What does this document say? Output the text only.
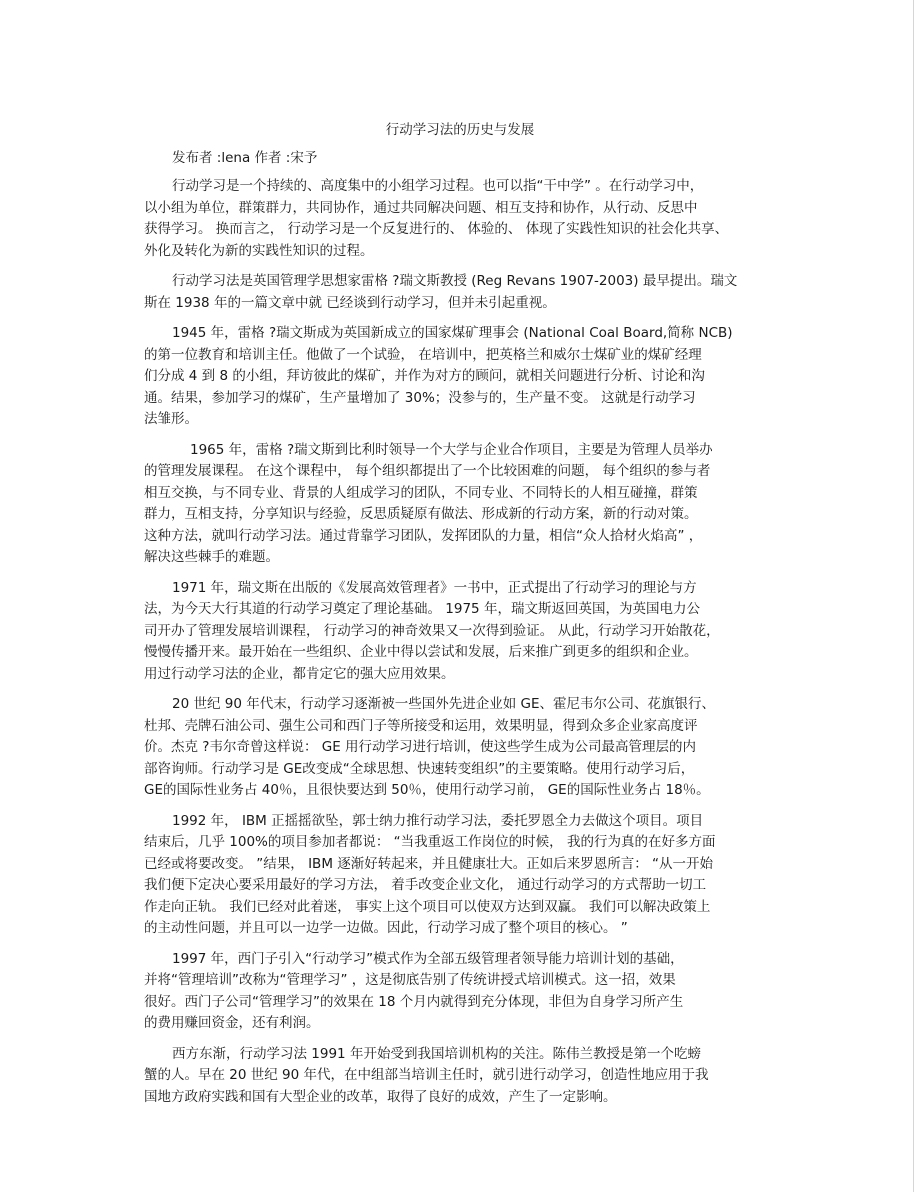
行动学习法的历史与发展
发布者 :lena 作者 :宋予
行动学习是一个持续的、高度集中的小组学习过程。也可以指“干中学” 。在行动学习中，
以小组为单位，群策群力，共同协作，通过共同解决问题、相互支持和协作，从行动、反思中
获得学习。 换而言之， 行动学习是一个反复进行的、 体验的、 体现了实践性知识的社会化共享、
外化及转化为新的实践性知识的过程。
行动学习法是英国管理学思想家雷格 ?瑞文斯教授 (Reg Revans 1907-2003) 最早提出。瑞文
斯在 1938 年的一篇文章中就 已经谈到行动学习，但并未引起重视。
1945 年，雷格 ?瑞文斯成为英国新成立的国家煤矿理事会 (National Coal Board,简称 NCB)
的第一位教育和培训主任。他做了一个试验， 在培训中，把英格兰和威尔士煤矿业的煤矿经理
们分成 4 到 8 的小组，拜访彼此的煤矿，并作为对方的顾问，就相关问题进行分析、讨论和沟
通。结果，参加学习的煤矿，生产量增加了 30%；没参与的，生产量不变。 这就是行动学习
法雏形。
1965 年，雷格 ?瑞文斯到比利时领导一个大学与企业合作项目，主要是为管理人员举办
的管理发展课程。 在这个课程中， 每个组织都提出了一个比较困难的问题， 每个组织的参与者
相互交换，与不同专业、背景的人组成学习的团队，不同专业、不同特长的人相互碰撞，群策
群力，互相支持，分享知识与经验，反思质疑原有做法、形成新的行动方案，新的行动对策。
这种方法，就叫行动学习法。通过背靠学习团队，发挥团队的力量，相信“众人拾材火焰高” ，
解决这些棘手的难题。
1971 年，瑞文斯在出版的《发展高效管理者》一书中，正式提出了行动学习的理论与方
法，为今天大行其道的行动学习奠定了理论基础。 1975 年，瑞文斯返回英国，为英国电力公
司开办了管理发展培训课程， 行动学习的神奇效果又一次得到验证。 从此，行动学习开始散花，
慢慢传播开来。最开始在一些组织、企业中得以尝试和发展，后来推广到更多的组织和企业。
用过行动学习法的企业，都肯定它的强大应用效果。
20 世纪 90 年代末，行动学习逐渐被一些国外先进企业如 GE、霍尼韦尔公司、花旗银行、
杜邦、壳牌石油公司、强生公司和西门子等所接受和运用，效果明显，得到众多企业家高度评
价。杰克 ?韦尔奇曾这样说： GE 用行动学习进行培训，使这些学生成为公司最高管理层的内
部咨询师。行动学习是 GE改变成“全球思想、快速转变组织”的主要策略。使用行动学习后，
GE的国际性业务占 40％，且很快要达到 50％，使用行动学习前， GE的国际性业务占 18％。
1992 年， IBM 正摇摇欲坠，郭士纳力推行动学习法，委托罗恩全力去做这个项目。项目
结束后，几乎 100%的项目参加者都说： “当我重返工作岗位的时候， 我的行为真的在好多方面
已经或将要改变。 ”结果， IBM 逐渐好转起来，并且健康壮大。正如后来罗恩所言： “从一开始
我们便下定决心要采用最好的学习方法， 着手改变企业文化， 通过行动学习的方式帮助一切工
作走向正轨。 我们已经对此着迷， 事实上这个项目可以使双方达到双赢。 我们可以解决政策上
的主动性问题，并且可以一边学一边做。因此，行动学习成了整个项目的核心。 ”
1997 年，西门子引入“行动学习”模式作为全部五级管理者领导能力培训计划的基础，
并将“管理培训”改称为“管理学习” ，这是彻底告别了传统讲授式培训模式。这一招，效果
很好。西门子公司“管理学习”的效果在 18 个月内就得到充分体现，非但为自身学习所产生
的费用赚回资金，还有利润。
西方东渐，行动学习法 1991 年开始受到我国培训机构的关注。陈伟兰教授是第一个吃螃
蟹的人。早在 20 世纪 90 年代，在中组部当培训主任时，就引进行动学习，创造性地应用于我
国地方政府实践和国有大型企业的改革，取得了良好的成效，产生了一定影响。
